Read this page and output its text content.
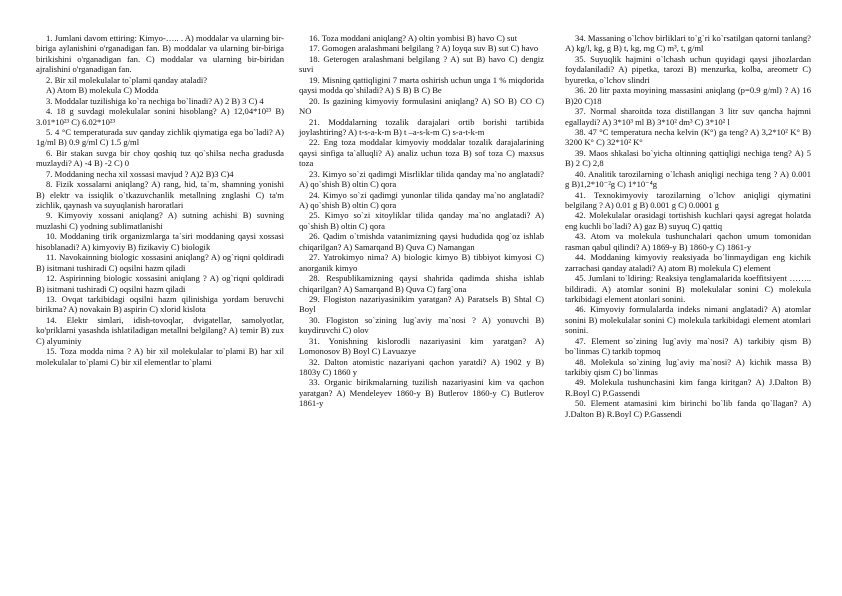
1. Jumlani davom ettiring: Kimyo-….. . A) moddalar va ularning bir-biriga aylanishini o'rganadigan fan. B) moddalar va ularning bir-biriga birikishini o'rganadigan fan. C) moddalar va ularning bir-biridan ajralishini o'rganadigan fan.

2. Bir xil molekulalar to`plami qanday ataladi?

A) Atom B) molekula C) Modda

3. Moddalar tuzilishiga ko`ra nechiga bo`linadi? A) 2 B) 3 C) 4

4. 18 g suvdagi molekulalar sonini hisoblang? A) 12,04*10²³ B) 3.01*10²³ C) 6.02*10²³

5. 4 °C temperaturada suv qanday zichlik qiymatiga ega bo`ladi? A) 1g/ml B) 0.9 g/ml C) 1.5 g/ml

6. Bir stakan suvga bir choy qoshiq tuz qo`shilsa necha gradusda muzlaydi? A) -4 B) -2 C) 0

7. Moddaning necha xil xossasi mavjud ? A)2 B)3 C)4

8. Fizik xossalarni aniqlang? A) rang, hid, ta`m, shamning yonishi B) elektr va issiqlik o`tkazuvchanlik metallning znglashi C) ta'm zichlik, qaynash va suyuqlanish haroratlari

9. Kimyoviy xossani aniqlang? A) sutning achishi B) suvning muzlashi C) yodning sublimatlanishi

10. Moddaning tirik organizmlarga ta`siri moddaning qaysi xossasi hisoblanadi? A) kimyoviy B) fizikaviy C) biologik

11. Navokainning biologic xossasini aniqlang? A) og`riqni qoldiradi B) isitmani tushiradi C) oqsilni hazm qiladi

12. Aspirinning biologic xossasini aniqlang ? A) og`riqni qoldiradi B) isitmani tushiradi C) oqsilni hazm qiladi

13. Ovqat tarkibidagi oqsilni hazm qilinishiga yordam beruvchi birikma? A) novakain B) aspirin C) xlorid kislota

14. Elektr simlari, idish-tovoqlar, dvigatellar, samolyotlar, ko'priklarni yasashda ishlatiladigan metallni belgilang? A) temir B) zux C) alyuminiy

15. Toza modda nima ? A) bir xil molekulalar to`plami B) har xil molekulalar to`plami C) bir xil elementlar to`plami

16. Toza moddani aniqlang? A) oltin yombisi B) havo C) sut

17. Gomogen aralashmani belgilang ? A) loyqa suv B) sut C) havo

18. Geterogen aralashmani belgilang ? A) sut B) havo C) dengiz suvi

19. Misning qattiqligini 7 marta oshirish uchun unga 1 % miqdorida qaysi modda qo`shiladi? A) S B) B C) Be

20. Is gazining kimyoviy formulasini aniqlang? A) SO B) CO C) NO

21. Moddalarning tozalik darajalari ortib borishi tartibida joylashtiring? A) t-s-a-k-m B) t –a-s-k-m C) s-a-t-k-m

22. Eng toza moddalar kimyoviy moddalar tozalik darajalarining qaysi sinfiga ta`alluqli? A) analiz uchun toza B) sof toza C) maxsus toza

23. Kimyo so`zi qadimgi Misrliklar tilida qanday ma`no anglatadi? A) qo`shish B) oltin C) qora

24. Kimyo so`zi qadimgi yunonlar tilida qanday ma`no anglatadi? A) qo`shish B) oltin C) qora

25. Kimyo so`zi xitoyliklar tilida qanday ma`no anglatadi? A) qo`shish B) oltin C) qora

26. Qadim o`tmishda vatanimizning qaysi hududida qog`oz ishlab chiqarilgan? A) Samarqand B) Quva C) Namangan

27. Yatrokimyo nima? A) biologic kimyo B) tibbiyot kimyosi C) anorganik kimyo

28. Respublikamizning qaysi shahrida qadimda shisha ishlab chiqarilgan? A) Samarqand B) Quva C) farg`ona

29. Flogiston nazariyasinikim yaratgan? A) Paratsels B) Shtal C) Boyl

30. Flogiston so`zining lug`aviy ma`nosi ? A) yonuvchi B) kuydiruvchi C) olov

31. Yonishning kislorodli nazariyasini kim yaratgan? A) Lomonosov B) Boyl C) Lavuazye

32. Dalton atomistic nazariyani qachon yaratdi? A) 1902 y B) 1803y C) 1860 y

33. Organic birikmalarning tuzilish nazariyasini kim va qachon yaratgan? A) Mendeleyev 1860-y B) Butlerov 1860-y C) Butlerov 1861-y

34. Massaning o`lchov birliklari to`g`ri ko`rsatilgan qatorni tanlang? A) kg/l, kg, g B) t, kg, mg C) m³, t, g/ml

35. Suyuqlik hajmini o`lchash uchun quyidagi qaysi jihozlardan foydalaniladi? A) pipetka, tarozi B) menzurka, kolba, areometr C) byuretka, o`lchov slindri

36. 20 litr paxta moyining massasini aniqlang (p=0.9 g/ml) ? A) 16 B)20 C)18

37. Normal sharoitda toza distillangan 3 litr suv qancha hajmni egallaydi? A) 3*10³ ml B) 3*10² dm³ C) 3*10² l

38. 47 °C temperatura necha kelvin (K°) ga teng? A) 3,2*10² K° B) 3200 K° C) 32*10² K°

39. Maos shkalasi bo`yicha oltinning qattiqligi nechiga teng? A) 5 B) 2 C) 2,8

40. Analitik tarozilarning o`lchash aniqligi nechiga teng ? A) 0.001 g B)1,2*10⁻²g C) 1*10⁻⁴g

41. Texnokimyoviy tarozilarning o`lchov aniqligi qiymatini belgilang ? A) 0.01 g B) 0.001 g C) 0.0001 g

42. Molekulalar orasidagi tortishish kuchlari qaysi agregat holatda eng kuchli bo`ladi? A) gaz B) suyuq C) qattiq

43. Atom va molekula tushunchalari qachon umum tomonidan rasman qabul qilindi? A) 1869-y B) 1860-y C) 1861-y

44. Moddaning kimyoviy reaksiyada bo`linmaydigan eng kichik zarrachasi qanday ataladi? A) atom B) molekula C) element

45. Jumlani to`ldiring: Reaksiya tenglamalarida koeffitsiyent …….. bildiradi. A) atomlar sonini B) molekulalar sonini C) molekula tarkibidagi element atonlari sonini.

46. Kimyoviy formulalarda indeks nimani anglatadi? A) atomlar sonini B) molekulalar sonini C) molekula tarkibidagi element atomlari sonini.

47. Element so`zining lug`aviy ma`nosi? A) tarkibiy qism B) bo`linmas C) tarkib topmoq

48. Molekula so`zining lug`aviy ma`nosi? A) kichik massa B) tarkibiy qism C) bo`linmas

49. Molekula tushunchasini kim fanga kiritgan? A) J.Dalton B) R.Boyl C) P.Gassendi

50. Element atamasini kim birinchi bo`lib fanda qo`llagan? A) J.Dalton B) R.Boyl C) P.Gassendi
